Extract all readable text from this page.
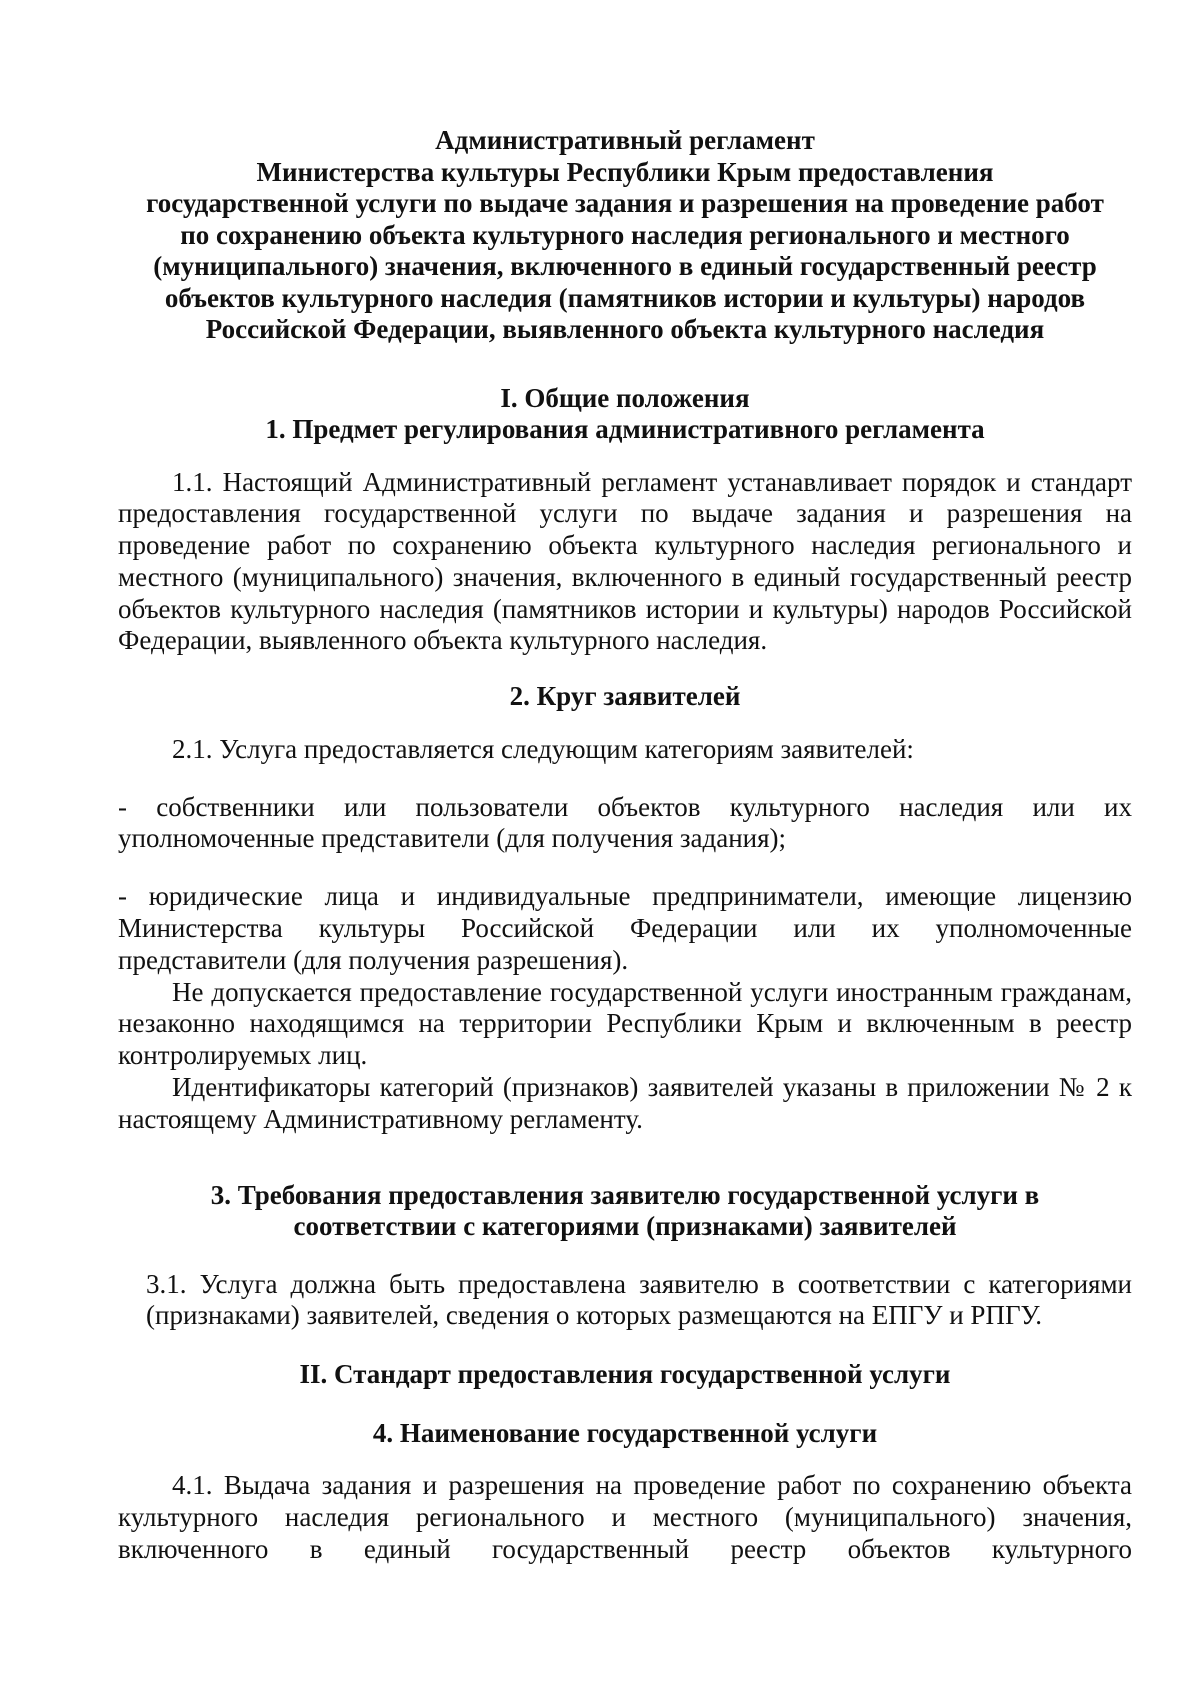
Административный регламент
Министерства культуры Республики Крым предоставления
государственной услуги по выдаче задания и разрешения на проведение работ
по сохранению объекта культурного наследия регионального и местного
(муниципального) значения, включенного в единый государственный реестр
объектов культурного наследия (памятников истории и культуры) народов
Российской Федерации, выявленного объекта культурного наследия
I. Общие положения
1. Предмет регулирования административного регламента

1.1. Настоящий Административный регламент устанавливает порядок и стандарт предоставления государственной услуги по выдаче задания и разрешения на проведение работ по сохранению объекта культурного наследия регионального и местного (муниципального) значения, включенного в единый государственный реестр объектов культурного наследия (памятников истории и культуры) народов Российской Федерации, выявленного объекта культурного наследия.

2. Круг заявителей

2.1. Услуга предоставляется следующим категориям заявителей:

- собственники или пользователи объектов культурного наследия или их уполномоченные представители (для получения задания);

- юридические лица и индивидуальные предприниматели, имеющие лицензию Министерства культуры Российской Федерации или их уполномоченные представители (для получения разрешения).

Не допускается предоставление государственной услуги иностранным гражданам, незаконно находящимся на территории Республики Крым и включенным в реестр контролируемых лиц.

Идентификаторы категорий (признаков) заявителей указаны в приложении № 2 к настоящему Административному регламенту.

3. Требования предоставления заявителю государственной услуги в
соответствии с категориями (признаками) заявителей

3.1. Услуга должна быть предоставлена заявителю в соответствии с категориями (признаками) заявителей, сведения о которых размещаются на ЕПГУ и РПГУ.

II. Стандарт предоставления государственной услуги
4. Наименование государственной услуги

4.1. Выдача задания и разрешения на проведение работ по сохранению объекта культурного наследия регионального и местного (муниципального) значения, включенного в единый государственный реестр объектов культурного
